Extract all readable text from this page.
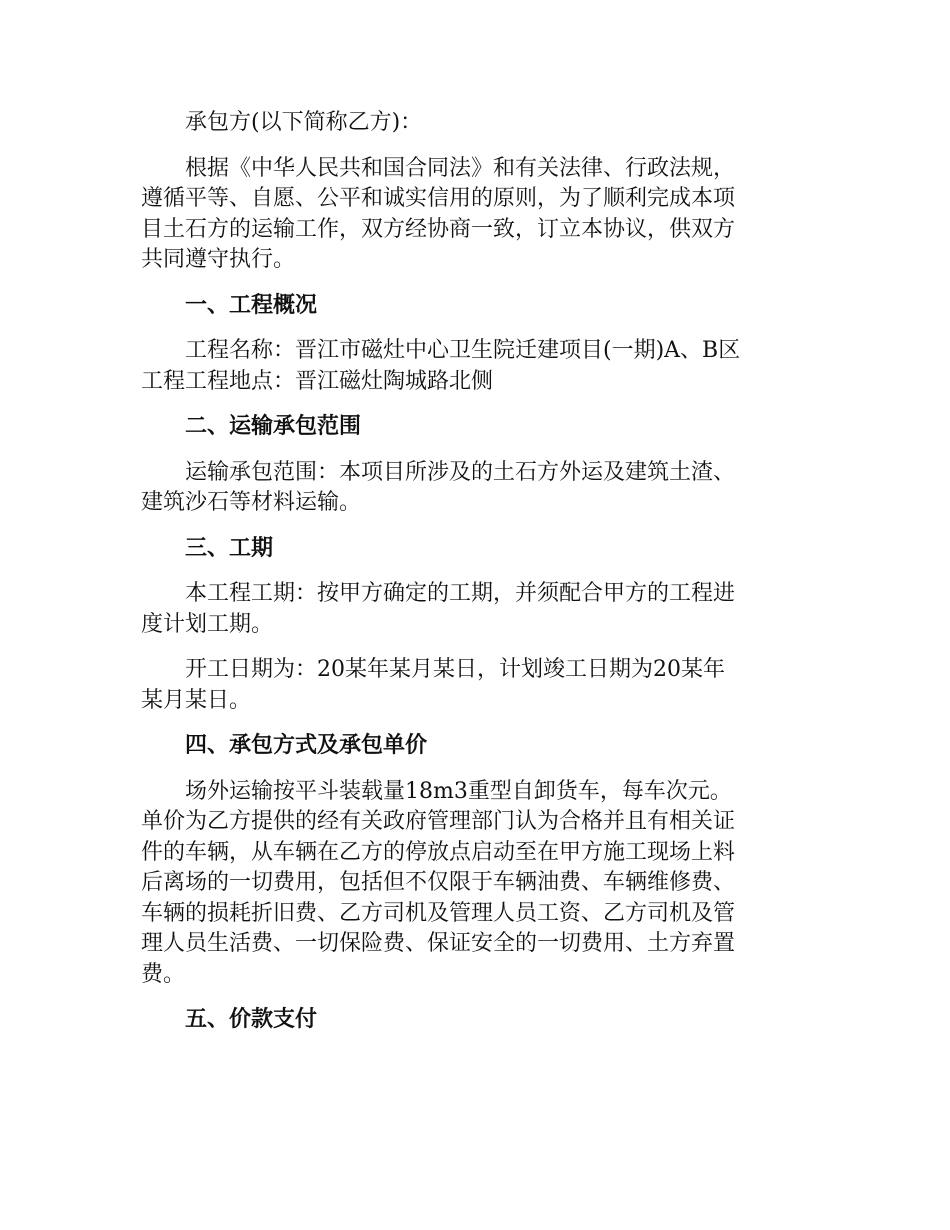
承包方(以下简称乙方)：
根据《中华人民共和国合同法》和有关法律、行政法规，
遵循平等、自愿、公平和诚实信用的原则，为了顺利完成本项
目土石方的运输工作，双方经协商一致，订立本协议，供双方
共同遵守执行。
一、工程概况
工程名称：晋江市磁灶中心卫生院迁建项目(一期)A、B区
工程工程地点：晋江磁灶陶城路北侧
二、运输承包范围
运输承包范围：本项目所涉及的土石方外运及建筑土渣、
建筑沙石等材料运输。
三、工期
本工程工期：按甲方确定的工期，并须配合甲方的工程进
度计划工期。
开工日期为：20某年某月某日，计划竣工日期为20某年
某月某日。
四、承包方式及承包单价
场外运输按平斗装载量18m3重型自卸货车，每车次元。
单价为乙方提供的经有关政府管理部门认为合格并且有相关证
件的车辆，从车辆在乙方的停放点启动至在甲方施工现场上料
后离场的一切费用，包括但不仅限于车辆油费、车辆维修费、
车辆的损耗折旧费、乙方司机及管理人员工资、乙方司机及管
理人员生活费、一切保险费、保证安全的一切费用、土方弃置
费。
五、价款支付
